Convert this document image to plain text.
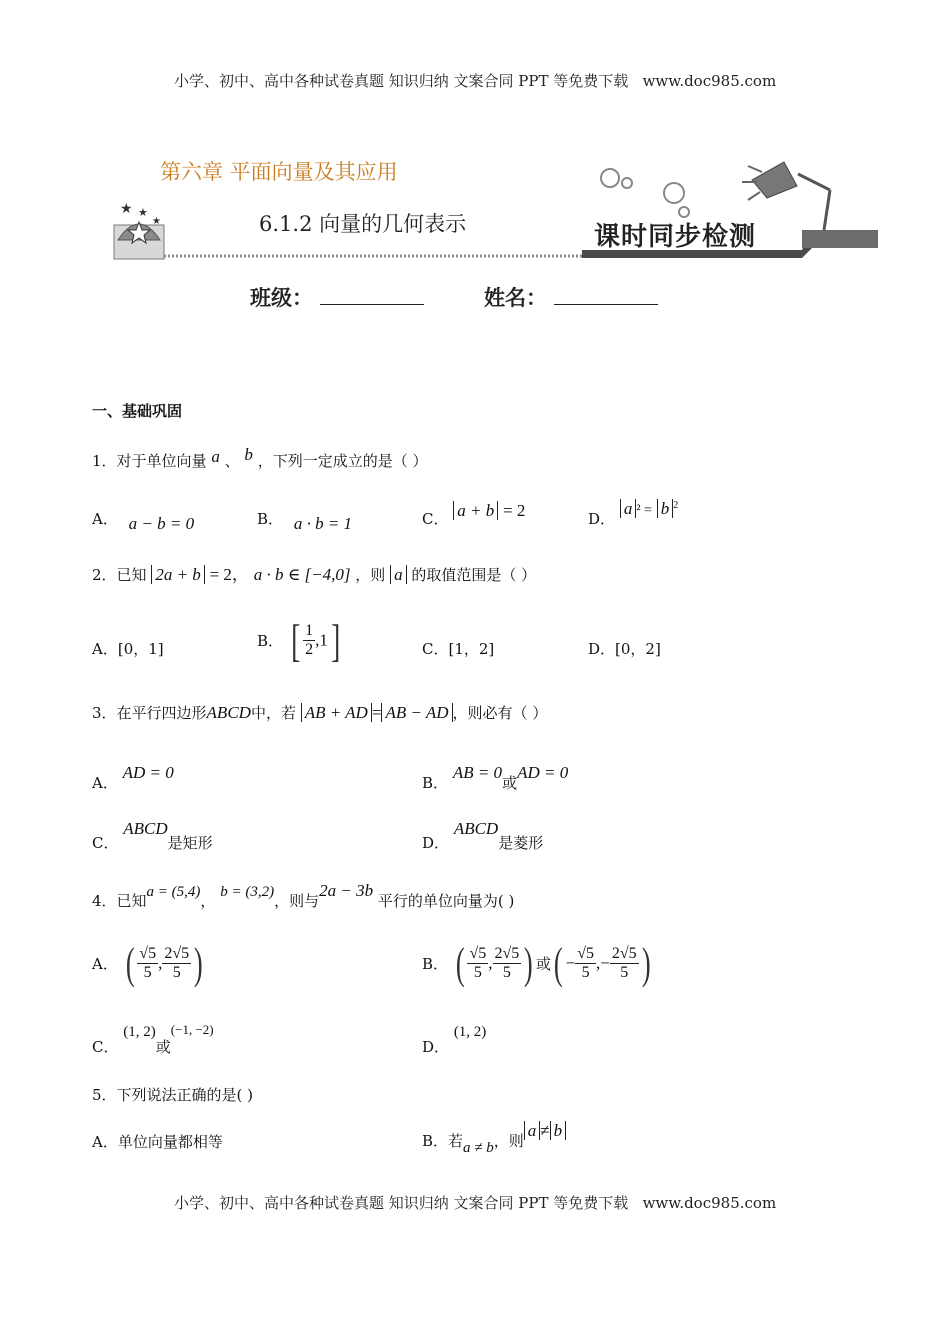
小学、初中、高中各种试卷真题 知识归纳 文案合同 PPT 等免费下载 www.doc985.com
★ ★
★
第六章 平面向量及其应用
6.1.2 向量的几何表示	课时同步检测
班级：	姓名：
一、基础巩固
1．对于单位向量 a 、 b ，下列一定成立的是（ ）
A． a − b = 0	B． a · b = 1	C． a + b = 2	D． a ² = b $^2$
2．已知 2a + b = 2， a · b ∈ [−4,0] ，则 a 的取值范围是（ ）
A．[0，1]	B． [ $\frac{1}{2} ,1$]	C．[1，2]	D．[0，2]
3．在平行四边形ABCD中，若 AB + AD = AB − AD ，则必有（ ）
A． AD = 0
B． AB = 0或AD = 0
C． ABCD是矩形	D． ABCD是菱形
4．已知a = (5,4)， b = (3,2)，则与2a − 3b 平行的单位向量为( )
A． ( $\frac{√5}{5}$ , $\frac{2√5}{5}$ )	B． ( $\frac{√5}{5}$ , $\frac{2√5}{5}$ ) 或( − $\frac{√5}{5}$ ,− $\frac{2√5}{5}$ )
C． (1, 2)或(−1, −2)
D． (1, 2)
5．下列说法正确的是( )
A．单位向量都相等	B．若a ≠ b，则a ≠ b
小学、初中、高中各种试卷真题 知识归纳 文案合同 PPT 等免费下载 www.doc985.com
